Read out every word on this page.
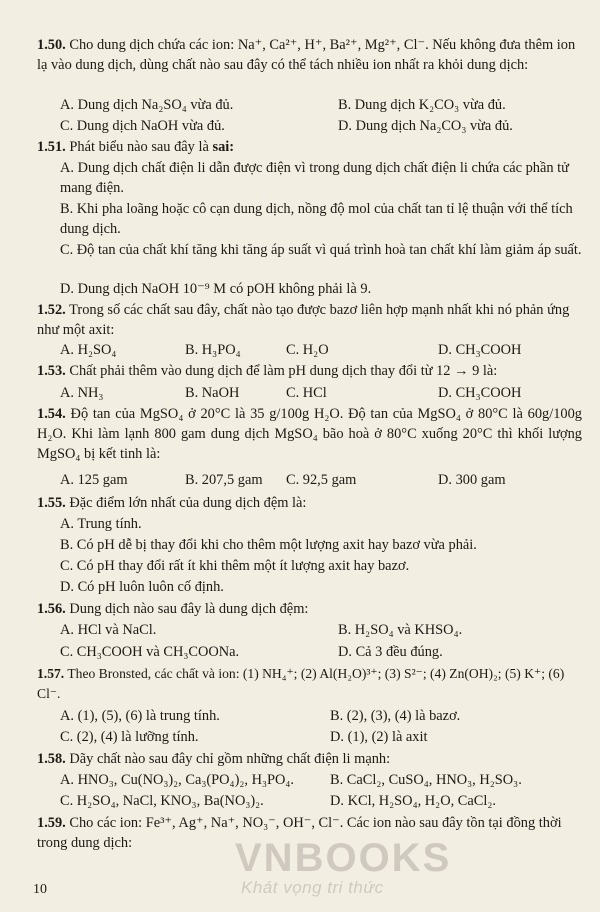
1.50. Cho dung dịch chứa các ion: Na⁺, Ca²⁺, H⁺, Ba²⁺, Mg²⁺, Cl⁻. Nếu không đưa thêm ion lạ vào dung dịch, dùng chất nào sau đây có thể tách nhiều ion nhất ra khỏi dung dịch:
A. Dung dịch Na₂SO₄ vừa đủ.	B. Dung dịch K₂CO₃ vừa đủ.
C. Dung dịch NaOH vừa đủ.	D. Dung dịch Na₂CO₃ vừa đủ.
1.51. Phát biểu nào sau đây là sai:
A. Dung dịch chất điện li dẫn được điện vì trong dung dịch chất điện li chứa các phần tử mang điện.
B. Khi pha loãng hoặc cô cạn dung dịch, nồng độ mol của chất tan tỉ lệ thuận với thể tích dung dịch.
C. Độ tan của chất khí tăng khi tăng áp suất vì quá trình hoà tan chất khí làm giảm áp suất.
D. Dung dịch NaOH 10⁻⁹ M có pOH không phải là 9.
1.52. Trong số các chất sau đây, chất nào tạo được bazơ liên hợp mạnh nhất khi nó phản ứng như một axit:
A. H₂SO₄	B. H₃PO₄	C. H₂O	D. CH₃COOH
1.53. Chất phải thêm vào dung dịch để làm pH dung dịch thay đổi từ 12 → 9 là:
A. NH₃	B. NaOH	C. HCl	D. CH₃COOH
1.54. Độ tan của MgSO₄ ở 20°C là 35 g/100g H₂O. Độ tan của MgSO₄ ở 80°C là 60g/100g H₂O. Khi làm lạnh 800 gam dung dịch MgSO₄ bão hoà ở 80°C xuống 20°C thì khối lượng MgSO₄ bị kết tinh là:
A. 125 gam	B. 207,5 gam C. 92,5 gam	D. 300 gam
1.55. Đặc điểm lớn nhất của dung dịch đệm là:
A. Trung tính.
B. Có pH dễ bị thay đổi khi cho thêm một lượng axit hay bazơ vừa phải.
C. Có pH thay đổi rất ít khi thêm một ít lượng axit hay bazơ.
D. Có pH luôn luôn cố định.
1.56. Dung dịch nào sau đây là dung dịch đệm:
A. HCl và NaCl.	B. H₂SO₄ và KHSO₄.
C. CH₃COOH và CH₃COONa.	D. Cả 3 đều đúng.
1.57. Theo Bronsted, các chất và ion: (1) NH₄⁺; (2) Al(H₂O)³⁺; (3) S²⁻; (4) Zn(OH)₂; (5) K⁺; (6) Cl⁻.
A. (1), (5), (6) là trung tính.	B. (2), (3), (4) là bazơ.
C. (2), (4) là lưỡng tính.	D. (1), (2) là axit
1.58. Dãy chất nào sau đây chỉ gồm những chất điện li mạnh:
A. HNO₃, Cu(NO₃)₂, Ca₃(PO₄)₂, H₃PO₄. B. CaCl₂, CuSO₄, HNO₃, H₂SO₃.
C. H₂SO₄, NaCl, KNO₃, Ba(NO₃)₂.	D. KCl, H₂SO₄, H₂O, CaCl₂.
1.59. Cho các ion: Fe³⁺, Ag⁺, Na⁺, NO₃⁻, OH⁻, Cl⁻. Các ion nào sau đây tồn tại đồng thời trong dung dịch:	VNBOOKS
Khát vọng tri thức
10
